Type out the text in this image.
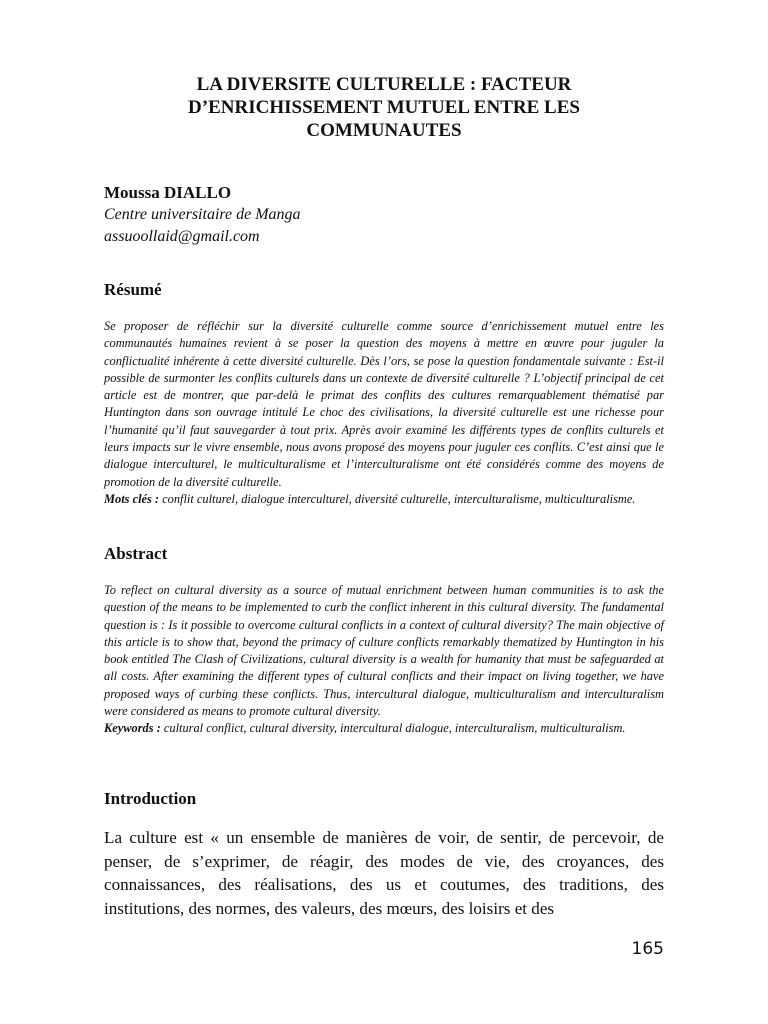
LA DIVERSITE CULTURELLE : FACTEUR
D’ENRICHISSEMENT MUTUEL ENTRE LES
COMMUNAUTES

Moussa DIALLO

Centre universitaire de Manga

assuoollaid@gmail.com

Résumé

Se proposer de réfléchir sur la diversité culturelle comme source d’enrichissement mutuel entre les communautés humaines revient à se poser la question des moyens à mettre en œuvre pour juguler la conflictualité inhérente à cette diversité culturelle. Dès l’ors, se pose la question fondamentale suivante : Est-il possible de surmonter les conflits culturels dans un contexte de diversité culturelle ? L’objectif principal de cet article est de montrer, que par-delà le primat des conflits des cultures remarquablement thématisé par Huntington dans son ouvrage intitulé Le choc des civilisations, la diversité culturelle est une richesse pour l’humanité qu’il faut sauvegarder à tout prix. Après avoir examiné les différents types de conflits culturels et leurs impacts sur le vivre ensemble, nous avons proposé des moyens pour juguler ces conflits. C’est ainsi que le dialogue interculturel, le multiculturalisme et l’interculturalisme ont été considérés comme des moyens de promotion de la diversité culturelle.

Mots clés : conflit culturel, dialogue interculturel, diversité culturelle, interculturalisme, multiculturalisme.

Abstract

To reflect on cultural diversity as a source of mutual enrichment between human communities is to ask the question of the means to be implemented to curb the conflict inherent in this cultural diversity. The fundamental question is : Is it possible to overcome cultural conflicts in a context of cultural diversity? The main objective of this article is to show that, beyond the primacy of culture conflicts remarkably thematized by Huntington in his book entitled The Clash of Civilizations, cultural diversity is a wealth for humanity that must be safeguarded at all costs. After examining the different types of cultural conflicts and their impact on living together, we have proposed ways of curbing these conflicts. Thus, intercultural dialogue, multiculturalism and interculturalism were considered as means to promote cultural diversity.

Keywords : cultural conflict, cultural diversity, intercultural dialogue, interculturalism, multiculturalism.

Introduction

La culture est « un ensemble de manières de voir, de sentir, de percevoir, de penser, de s’exprimer, de réagir, des modes de vie, des croyances, des connaissances, des réalisations, des us et coutumes, des traditions, des institutions, des normes, des valeurs, des mœurs, des loisirs et des

165
